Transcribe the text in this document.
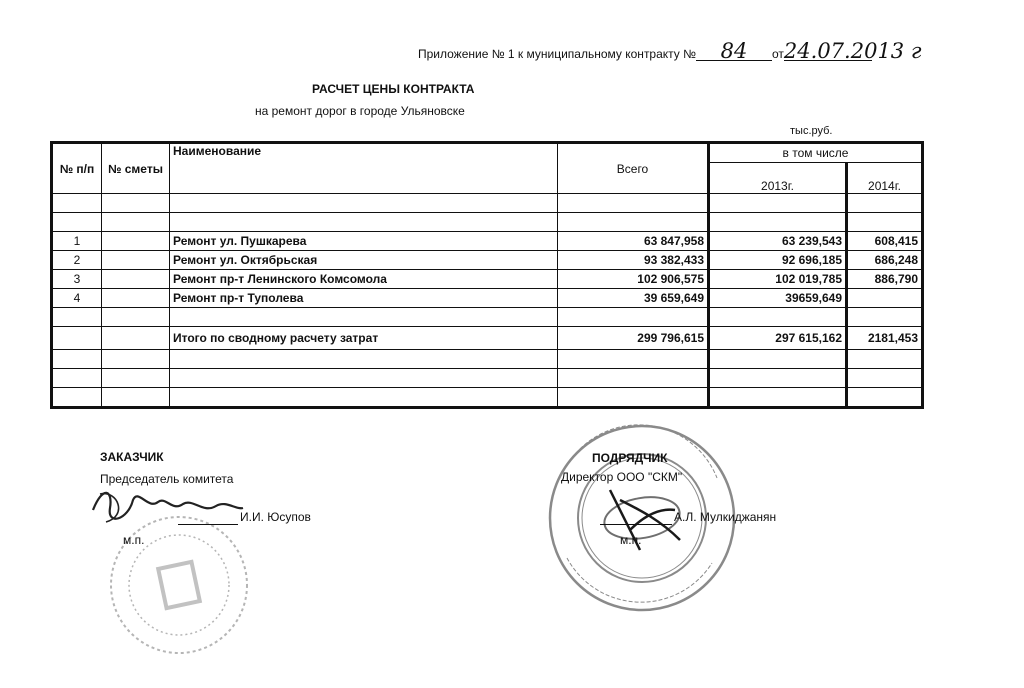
Приложение № 1 к муниципальному контракту № 84 от24.07.2013 г
РАСЧЕТ ЦЕНЫ КОНТРАКТА
на ремонт дорог в городе Ульяновске
тыс.руб.
№ п/п	№ сметы	Наименование	Всего	в том числе	
				2013г.	2014г.

1		Ремонт ул. Пушкарева	63 847,958	63 239,543	608,415
2		Ремонт ул. Октябрьская	93 382,433	92 696,185	686,248
3		Ремонт пр-т Ленинского Комсомола	102 906,575	102 019,785	886,790
4		Ремонт пр-т Туполева	39 659,649	39659,649	

		Итого по сводному расчету затрат	299 796,615	297 615,162	2181,453

ЗАКАЗЧИК
Председатель комитета
И.И. Юсупов
м.п.
ПОДРЯДЧИК
Директор ООО "СКМ"
А.Л. Мулкиджанян
м.п.
